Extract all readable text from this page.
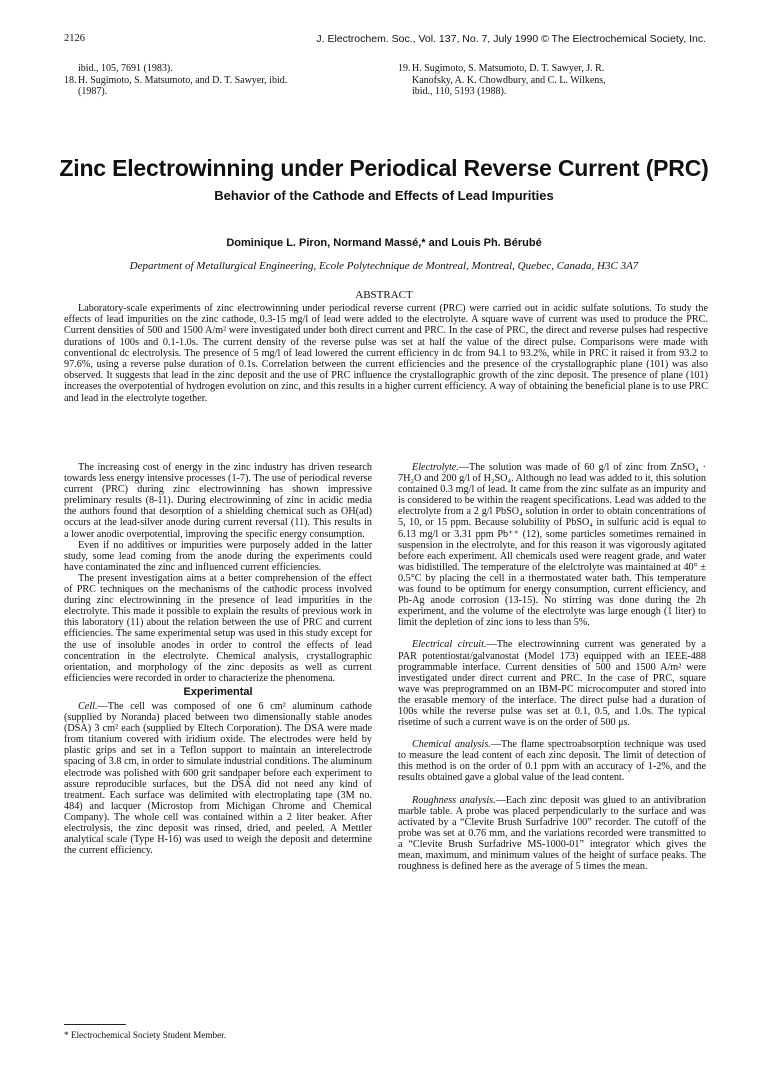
2126	J. Electrochem. Soc., Vol. 137, No. 7, July 1990 © The Electrochemical Society, Inc.
ibid., 105, 7691 (1983).
18. H. Sugimoto, S. Matsumoto, and D. T. Sawyer, ibid.
(1987).
19. H. Sugimoto, S. Matsumoto, D. T. Sawyer, J. R.
Kanofsky, A. K. Chowdbury, and C. L. Wilkens,
ibid., 110, 5193 (1988).
Zinc Electrowinning under Periodical Reverse Current (PRC)
Behavior of the Cathode and Effects of Lead Impurities
Dominique L. Piron, Normand Massé,* and Louis Ph. Bérubé
Department of Metallurgical Engineering, Ecole Polytechnique de Montreal, Montreal, Quebec, Canada, H3C 3A7
ABSTRACT
Laboratory-scale experiments of zinc electrowinning under periodical reverse current (PRC) were carried out in acidic sulfate solutions. To study the effects of lead impurities on the zinc cathode, 0.3-15 mg/l of lead were added to the electrolyte. A square wave of current was used to produce the PRC. Current densities of 500 and 1500 A/m² were investigated under both direct current and PRC. In the case of PRC, the direct and reverse pulses had respective durations of 100s and 0.1-1.0s. The current density of the reverse pulse was set at half the value of the direct pulse. Comparisons were made with conventional dc electrolysis. The presence of 5 mg/l of lead lowered the current efficiency in dc from 94.1 to 93.2%, while in PRC it raised it from 93.2 to 97.6%, using a reverse pulse duration of 0.1s. Correlation between the current efficiencies and the presence of the crystallographic plane (101) was also observed. It suggests that lead in the zinc deposit and the use of PRC influence the crystallographic growth of the zinc deposit. The presence of plane (101) increases the overpotential of hydrogen evolution on zinc, and this results in a higher current efficiency. A way of obtaining the beneficial plane is to use PRC and lead in the electrolyte together.

The increasing cost of energy in the zinc industry has driven research towards less energy intensive processes (1-7). The use of periodical reverse current (PRC) during zinc electrowinning has shown impressive preliminary results (8-11). During electrowinning of zinc in acidic media the authors found that desorption of a shielding chemical such as OH(ad) occurs at the lead-silver anode during current reversal (11). This results in a lower anodic overpotential, improving the specific energy consumption.

Even if no additives or impurities were purposely added in the latter study, some lead coming from the anode during the experiments could have contaminated the zinc and influenced current efficiencies.

The present investigation aims at a better comprehension of the effect of PRC techniques on the mechanisms of the cathodic process involved during zinc electrowinning in the presence of lead impurities in the electrolyte. This made it possible to explain the results of previous work in this laboratory (11) about the relation between the use of PRC and current efficiencies. The same experimental setup was used in this study except for the use of insoluble anodes in order to control the effects of lead concentration in the electrolyte. Chemical analysis, crystallographic orientation, and morphology of the zinc deposits as well as current efficiencies were recorded in order to characterize the phenomena.

Experimental

Cell.—The cell was composed of one 6 cm² aluminum cathode (supplied by Noranda) placed between two dimensionally stable anodes (DSA) 3 cm² each (supplied by Eltech Corporation). The DSA were made from titanium covered with iridium oxide. The electrodes were held by plastic grips and set in a Teflon support to maintain an interelectrode spacing of 3.8 cm, in order to simulate industrial conditions. The aluminum electrode was polished with 600 grit sandpaper before each experiment to assure reproducible surfaces, but the DSA did not need any kind of treatment. Each surface was delimited with electroplating tape (3M no. 484) and lacquer (Microstop from Michigan Chrome and Chemical Company). The whole cell was contained within a 2 liter beaker. After electrolysis, the zinc deposit was rinsed, dried, and peeled. A Mettler analytical scale (Type H-16) was used to weigh the deposit and determine the current efficiency.

* Electrochemical Society Student Member.

Electrolyte.—The solution was made of 60 g/l of zinc from ZnSO₄ · 7H₂O and 200 g/l of H₂SO₄. Although no lead was added to it, this solution contained 0.3 mg/l of lead. It came from the zinc sulfate as an impurity and is considered to be within the reagent specifications. Lead was added to the electrolyte from a 2 g/l PbSO₄ solution in order to obtain concentrations of 5, 10, or 15 ppm. Because solubility of PbSO₄ in sulfuric acid is equal to 6.13 mg/l or 3.31 ppm Pb⁺⁺ (12), some particles sometimes remained in suspension in the electrolyte, and for this reason it was vigorously agitated before each experiment. All chemicals used were reagent grade, and water was bidistilled. The temperature of the elelctrolyte was maintained at 40° ± 0.5°C by placing the cell in a thermostated water bath. This temperature was found to be optimum for energy consumption, current efficiency, and Pb-Ag anode corrosion (13-15). No stirring was done during the 2h experiment, and the volume of the electrolyte was large enough (1 liter) to limit the depletion of zinc ions to less than 5%.

Electrical circuit.—The electrowinning current was generated by a PAR potentiostat/galvanostat (Model 173) equipped with an IEEE-488 programmable interface. Current densities of 500 and 1500 A/m² were investigated under direct current and PRC. In the case of PRC, square wave was preprogrammed on an IBM-PC microcomputer and stored into the erasable memory of the interface. The direct pulse had a duration of 100s while the reverse pulse was set at 0.1, 0.5, and 1.0s. The typical risetime of such a current wave is on the order of 500 μs.

Chemical analysis.—The flame spectroabsorption technique was used to measure the lead content of each zinc deposit. The limit of detection of this method is on the order of 0.1 ppm with an accuracy of 1-2%, and the results obtained gave a global value of the lead content.

Roughness analysis.—Each zinc deposit was glued to an antivibration marble table. A probe was placed perpendicularly to the surface and was activated by a “Clevite Brush Surfadrive 100” recorder. The cutoff of the probe was set at 0.76 mm, and the variations recorded were transmitted to a “Clevite Brush Surfadrive MS-1000-01” integrator which gives the mean, maximum, and minimum values of the height of surface peaks. The roughness is defined here as the average of 5 times the mean.
